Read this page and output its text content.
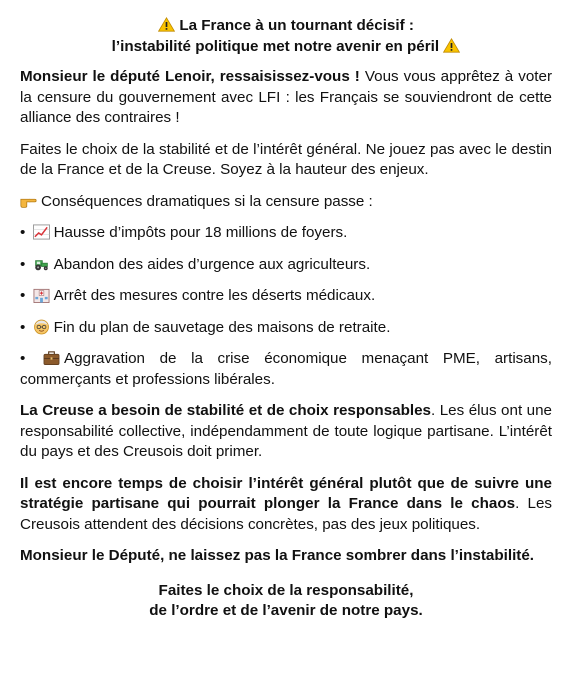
La France à un tournant décisif :
l’instabilité politique met notre avenir en péril

Monsieur le député Lenoir, ressaisissez-vous ! Vous vous apprêtez à voter la censure du gouvernement avec LFI : les Français se souviendront de cette alliance des contraires !

Faites le choix de la stabilité et de l’intérêt général. Ne jouez pas avec le destin de la France et de la Creuse. Soyez à la hauteur des enjeux.

Conséquences dramatiques si la censure passe :

• Hausse d’impôts pour 18 millions de foyers.

• Abandon des aides d’urgence aux agriculteurs.

• Arrêt des mesures contre les déserts médicaux.

• Fin du plan de sauvetage des maisons de retraite.

•	Aggravation de la crise économique menaçant PME, artisans, commerçants et professions libérales.

La Creuse a besoin de stabilité et de choix responsables. Les élus ont une responsabilité collective, indépendamment de toute logique partisane. L’intérêt du pays et des Creusois doit primer.

Il est encore temps de choisir l’intérêt général plutôt que de suivre une stratégie partisane qui pourrait plonger la France dans le chaos. Les Creusois attendent des décisions concrètes, pas des jeux politiques.

Monsieur le Député, ne laissez pas la France sombrer dans l’instabilité.

Faites le choix de la responsabilité,
de l’ordre et de l’avenir de notre pays.
